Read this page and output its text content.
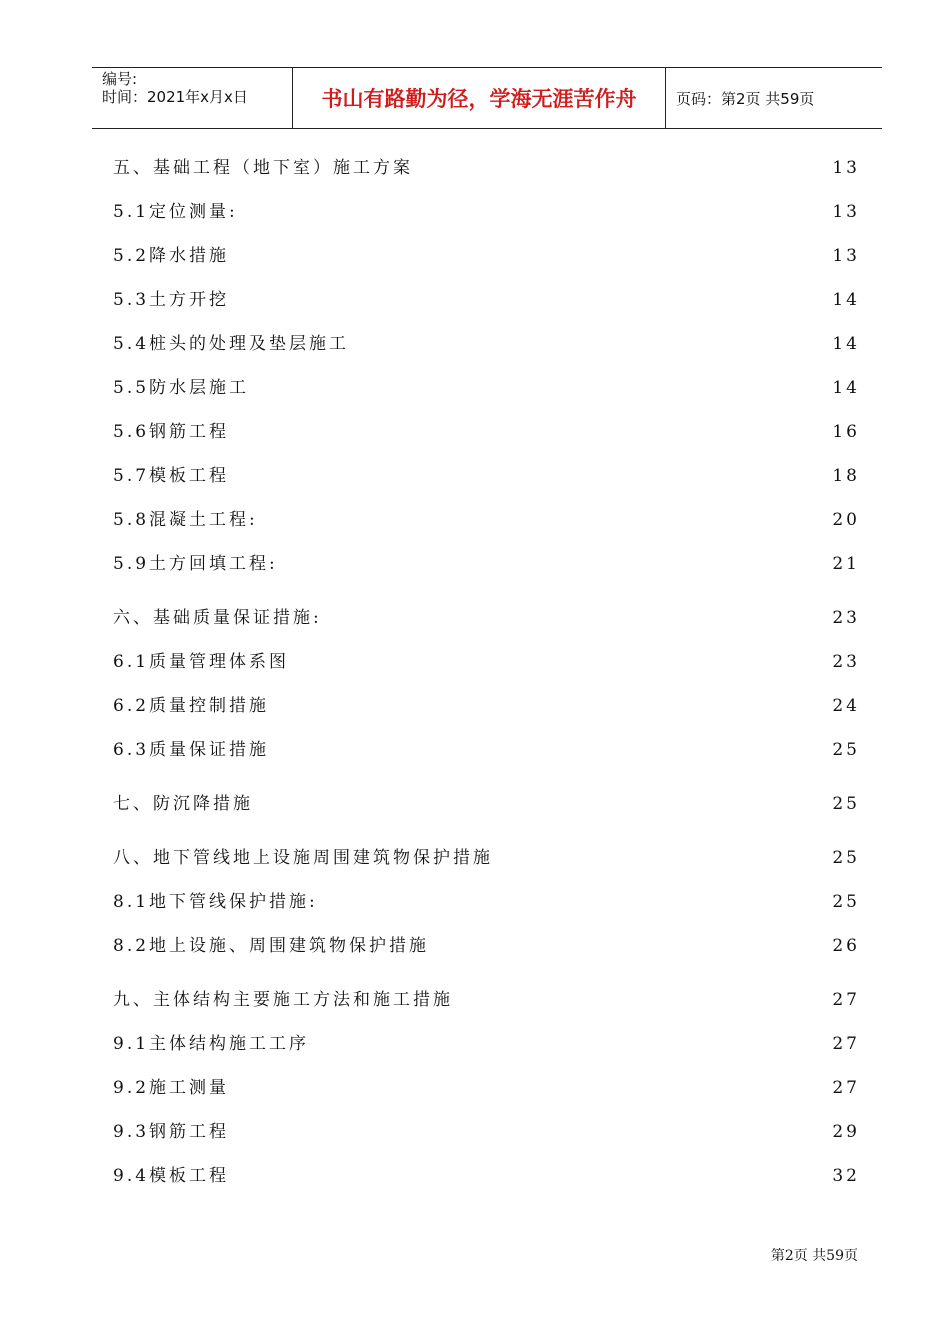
编号:
时间：2021年x月x日	书山有路勤为径，学海无涯苦作舟	页码：第2页 共59页
五、基础工程（地下室）施工方案	13
5.1定位测量:	13
5.2降水措施	13
5.3土方开挖	14
5.4桩头的处理及垫层施工	14
5.5防水层施工	14
5.6钢筋工程	16
5.7模板工程	18
5.8混凝土工程:	20
5.9土方回填工程:	21
六、基础质量保证措施:	23
6.1质量管理体系图	23
6.2质量控制措施	24
6.3质量保证措施	25
七、防沉降措施	25
八、地下管线地上设施周围建筑物保护措施	25
8.1地下管线保护措施:	25
8.2地上设施、周围建筑物保护措施	26
九、主体结构主要施工方法和施工措施	27
9.1主体结构施工工序	27
9.2施工测量	27
9.3钢筋工程	29
9.4模板工程	32
第2页 共59页
